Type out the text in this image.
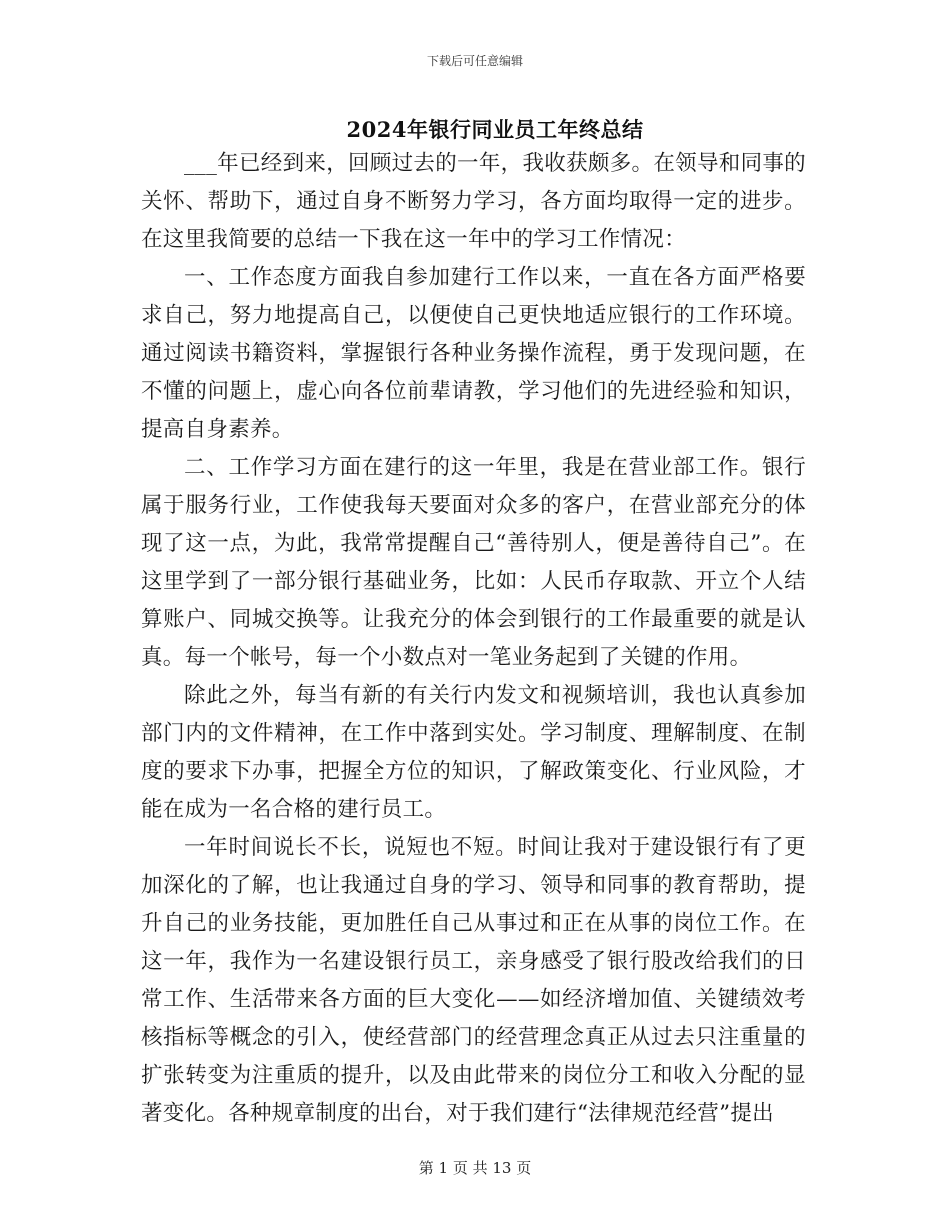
下载后可任意编辑
2024年银行同业员工年终总结

___年已经到来，回顾过去的一年，我收获颇多。在领导和同事的关怀、帮助下，通过自身不断努力学习，各方面均取得一定的进步。在这里我简要的总结一下我在这一年中的学习工作情况：

一、工作态度方面我自参加建行工作以来，一直在各方面严格要求自己，努力地提高自己，以便使自己更快地适应银行的工作环境。通过阅读书籍资料，掌握银行各种业务操作流程，勇于发现问题，在不懂的问题上，虚心向各位前辈请教，学习他们的先进经验和知识，提高自身素养。

二、工作学习方面在建行的这一年里，我是在营业部工作。银行属于服务行业，工作使我每天要面对众多的客户，在营业部充分的体现了这一点，为此，我常常提醒自己“善待别人，便是善待自己”。在这里学到了一部分银行基础业务，比如：人民币存取款、开立个人结算账户、同城交换等。让我充分的体会到银行的工作最重要的就是认真。每一个帐号，每一个小数点对一笔业务起到了关键的作用。

除此之外，每当有新的有关行内发文和视频培训，我也认真参加部门内的文件精神，在工作中落到实处。学习制度、理解制度、在制度的要求下办事，把握全方位的知识，了解政策变化、行业风险，才能在成为一名合格的建行员工。

一年时间说长不长，说短也不短。时间让我对于建设银行有了更加深化的了解，也让我通过自身的学习、领导和同事的教育帮助，提升自己的业务技能，更加胜任自己从事过和正在从事的岗位工作。在这一年，我作为一名建设银行员工，亲身感受了银行股改给我们的日常工作、生活带来各方面的巨大变化——如经济增加值、关键绩效考核指标等概念的引入，使经营部门的经营理念真正从过去只注重量的扩张转变为注重质的提升，以及由此带来的岗位分工和收入分配的显著变化。各种规章制度的出台，对于我们建行“法律规范经营”提出

第 1 页 共 13 页
